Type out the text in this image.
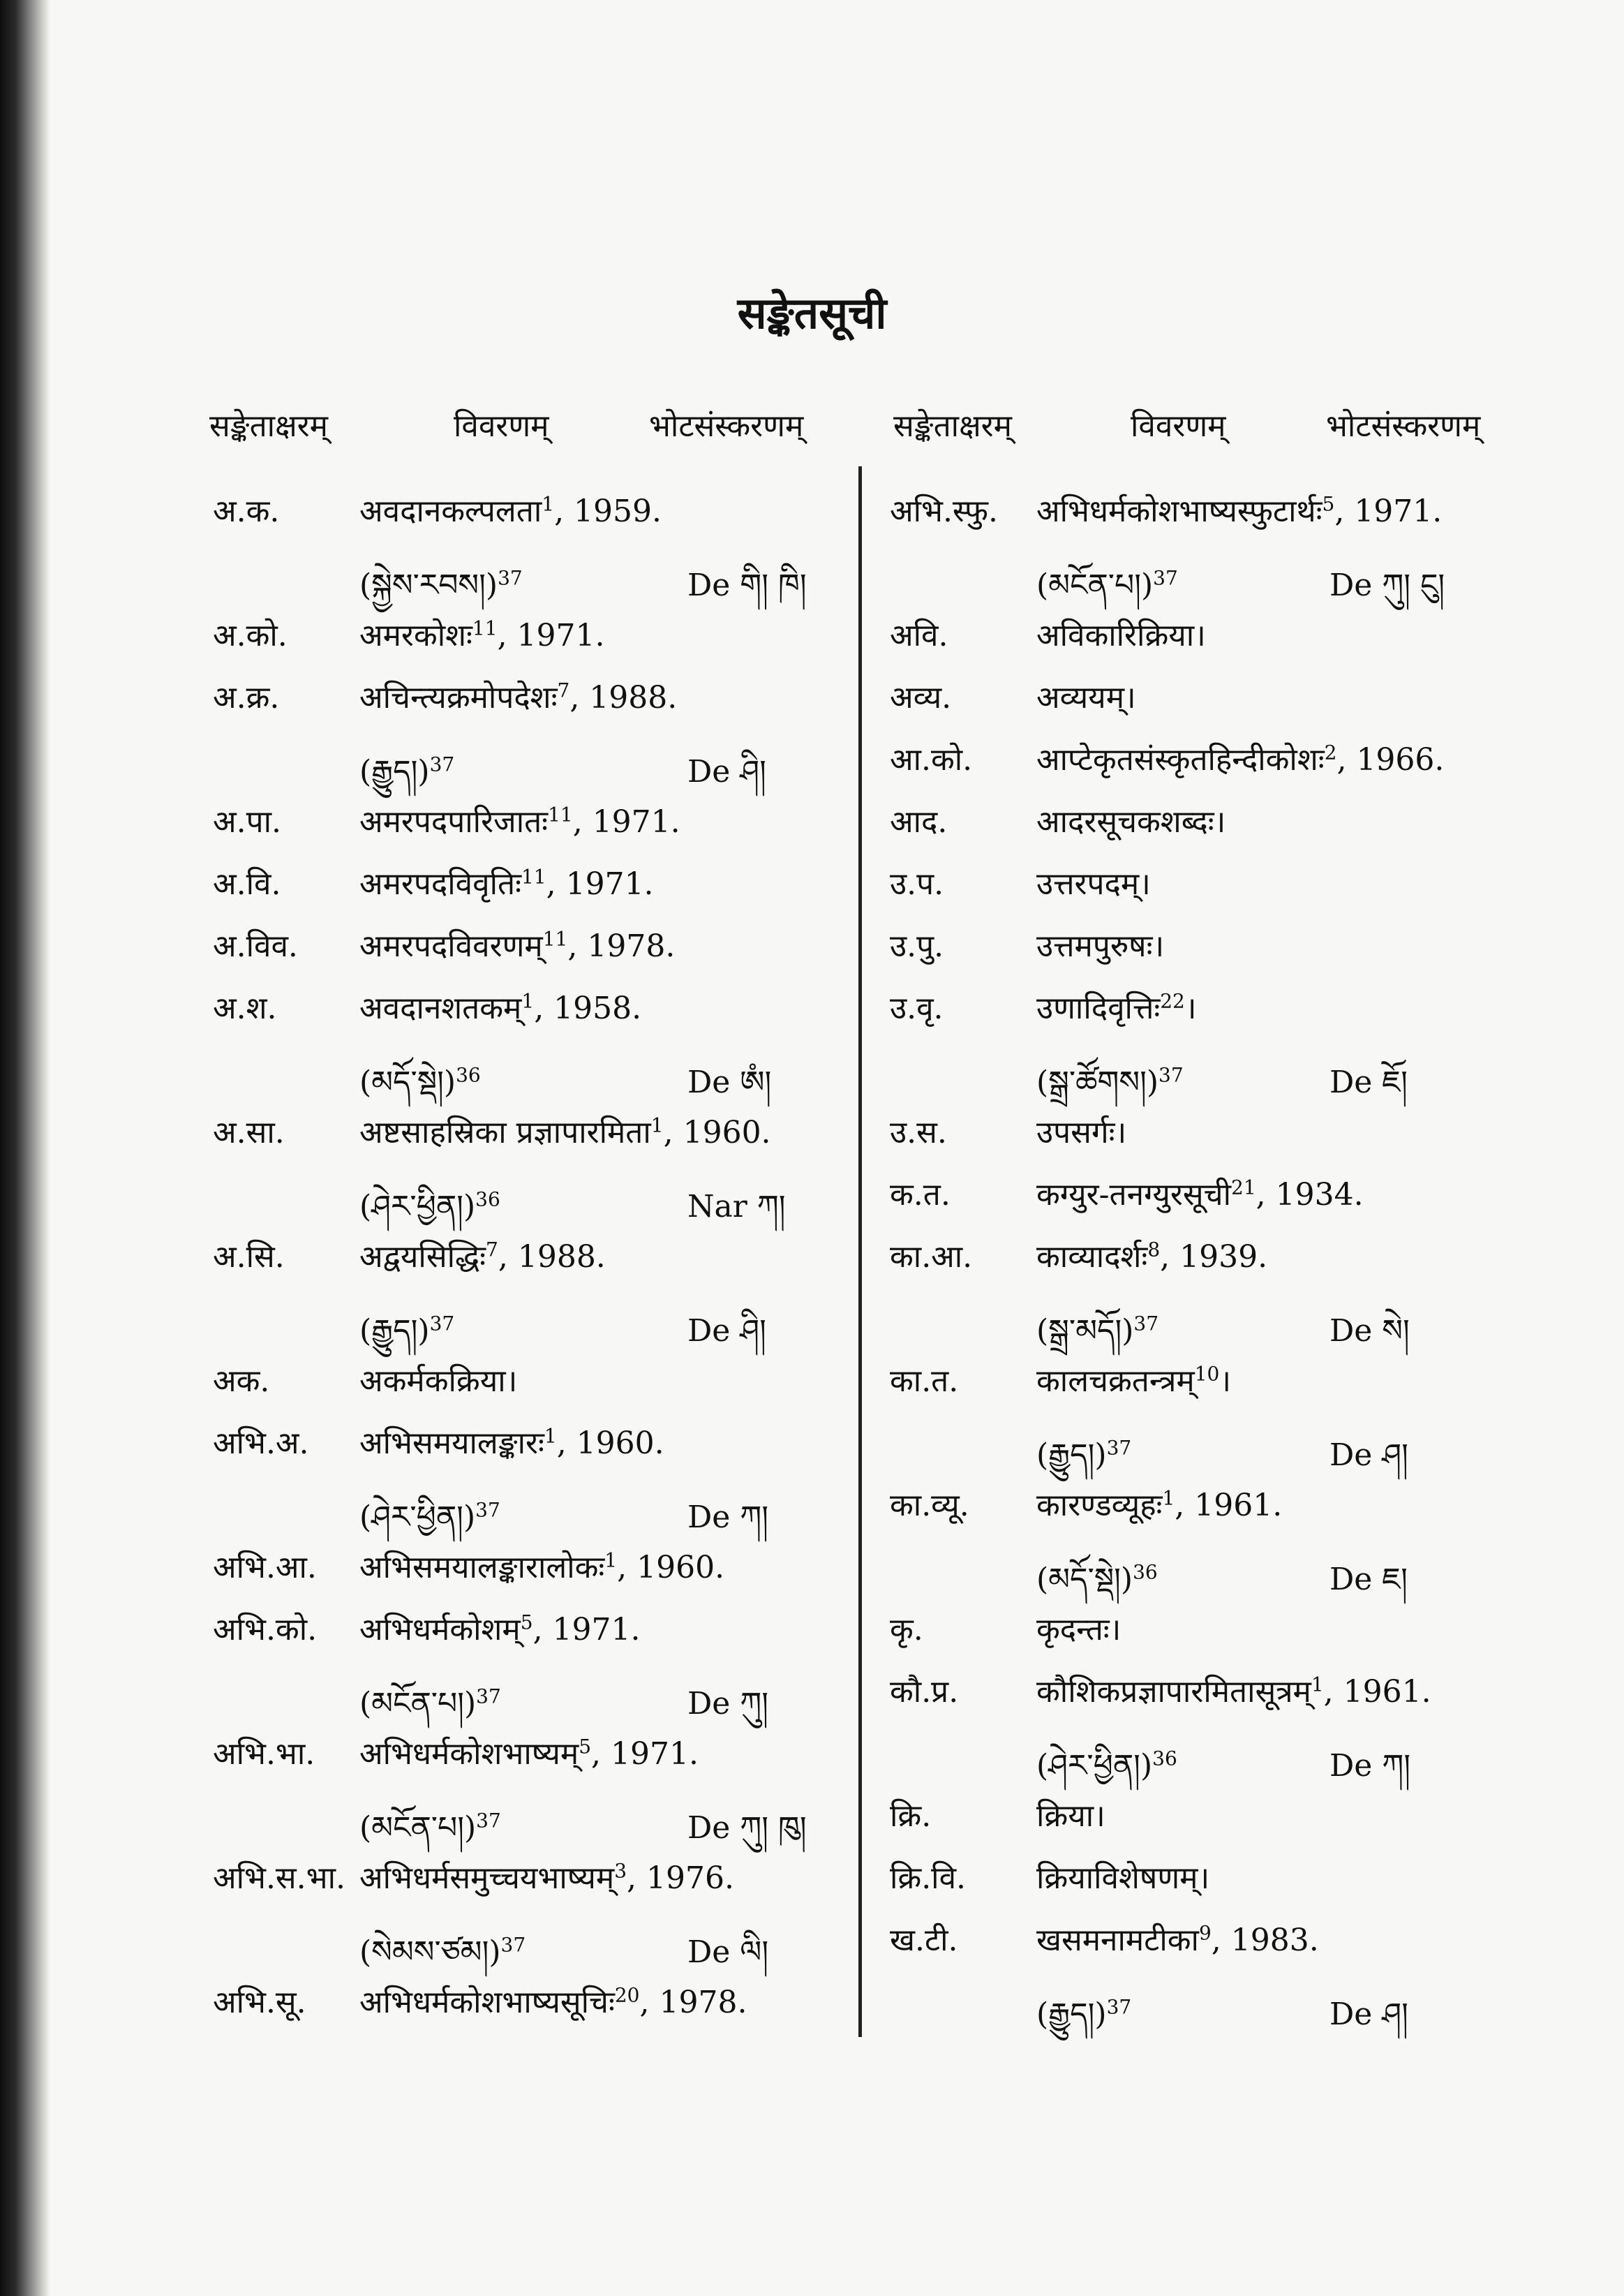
सङ्केतसूची
सङ्केताक्षरम्	विवरणम्	भोटसंस्करणम्	सङ्केताक्षरम्	विवरणम्	भोटसंस्करणम्
अ.क.	अवदानकल्पलता$^1$, 1959.
(སྐྱེས་རབས།)$^{37}$	De གི། ཁི།
अ.को. अमरकोशः$^{11}$, 1971.
अ.क्र.	अचिन्त्यक्रमोपदेशः$^7$, 1988.
(རྒྱུད།)$^{37}$	De ཤི།
अ.पा.	अमरपदपारिजातः$^{11}$, 1971.
अ.वि.	अमरपदविवृतिः$^{11}$, 1971.
अ.विव. अमरपदविवरणम्$^{11}$, 1978.
अ.श.	अवदानशतकम्$^1$, 1958.
(མདོ་སྡེ།)$^{36}$	De ཨཾ།
अ.सा. अष्टसाहस्रिका प्रज्ञापारमिता$^1$, 1960.
(ཤེར་ཕྱིན།)$^{36}$	Nar ཀ།
अ.सि. अद्वयसिद्धिः$^7$, 1988.
(རྒྱུད།)$^{37}$	De ཤི།
अक.	अकर्मकक्रिया।
अभि.अ. अभिसमयालङ्कारः$^1$, 1960.
(ཤེར་ཕྱིན།)$^{37}$	De ཀ།
अभि.आ. अभिसमयालङ्कारालोकः$^1$, 1960.
अभि.को. अभिधर्मकोशम्$^5$, 1971.
(མངོན་པ།)$^{37}$	De ཀུ།
अभि.भा. अभिधर्मकोशभाष्यम्$^5$, 1971.
(མངོན་པ།)$^{37}$	De ཀུ། ཁུ།
अभि.स.भा. अभिधर्मसमुच्चयभाष्यम्$^3$, 1976.
(སེམས་ཙམ།)$^{37}$	De ལི།
अभि.सू. अभिधर्मकोशभाष्यसूचिः$^{20}$, 1978.
अभि.स्फु. अभिधर्मकोशभाष्यस्फुटार्थः$^5$, 1971.
(མངོན་པ།)$^{37}$	De ཀུ། ངུ།
अवि.	अविकारिक्रिया।
अव्य.	अव्ययम्।
आ.को. आप्टेकृतसंस्कृतहिन्दीकोशः$^2$, 1966.
आद.	आदरसूचकशब्दः।
उ.प.	उत्तरपदम्।
उ.पु.	उत्तमपुरुषः।
उ.वृ.	उणादिवृत्तिः$^{22}$।
(སྒྲ་ཚོགས།)$^{37}$	De ཇོ།
उ.स.	उपसर्गः।
क.त.	कग्युर-तनग्युरसूची$^{21}$, 1934.
का.आ. काव्यादर्शः$^8$, 1939.
(སྒྲ་མདོ།)$^{37}$	De སེ།
का.त.	कालचक्रतन्त्रम्$^{10}$।
(རྒྱུད།)$^{37}$	De ཤ།
का.व्यू. कारण्डव्यूहः$^1$, 1961.
(མདོ་སྡེ།)$^{36}$	De ཇ།
कृ.	कृदन्तः।
कौ.प्र.	कौशिकप्रज्ञापारमितासूत्रम्$^1$, 1961.
(ཤེར་ཕྱིན།)$^{36}$	De ཀ།
क्रि.	क्रिया।
क्रि.वि. क्रियाविशेषणम्।
ख.टी.	खसमनामटीका$^9$, 1983.
(རྒྱུད།)$^{37}$	De ཤ།
